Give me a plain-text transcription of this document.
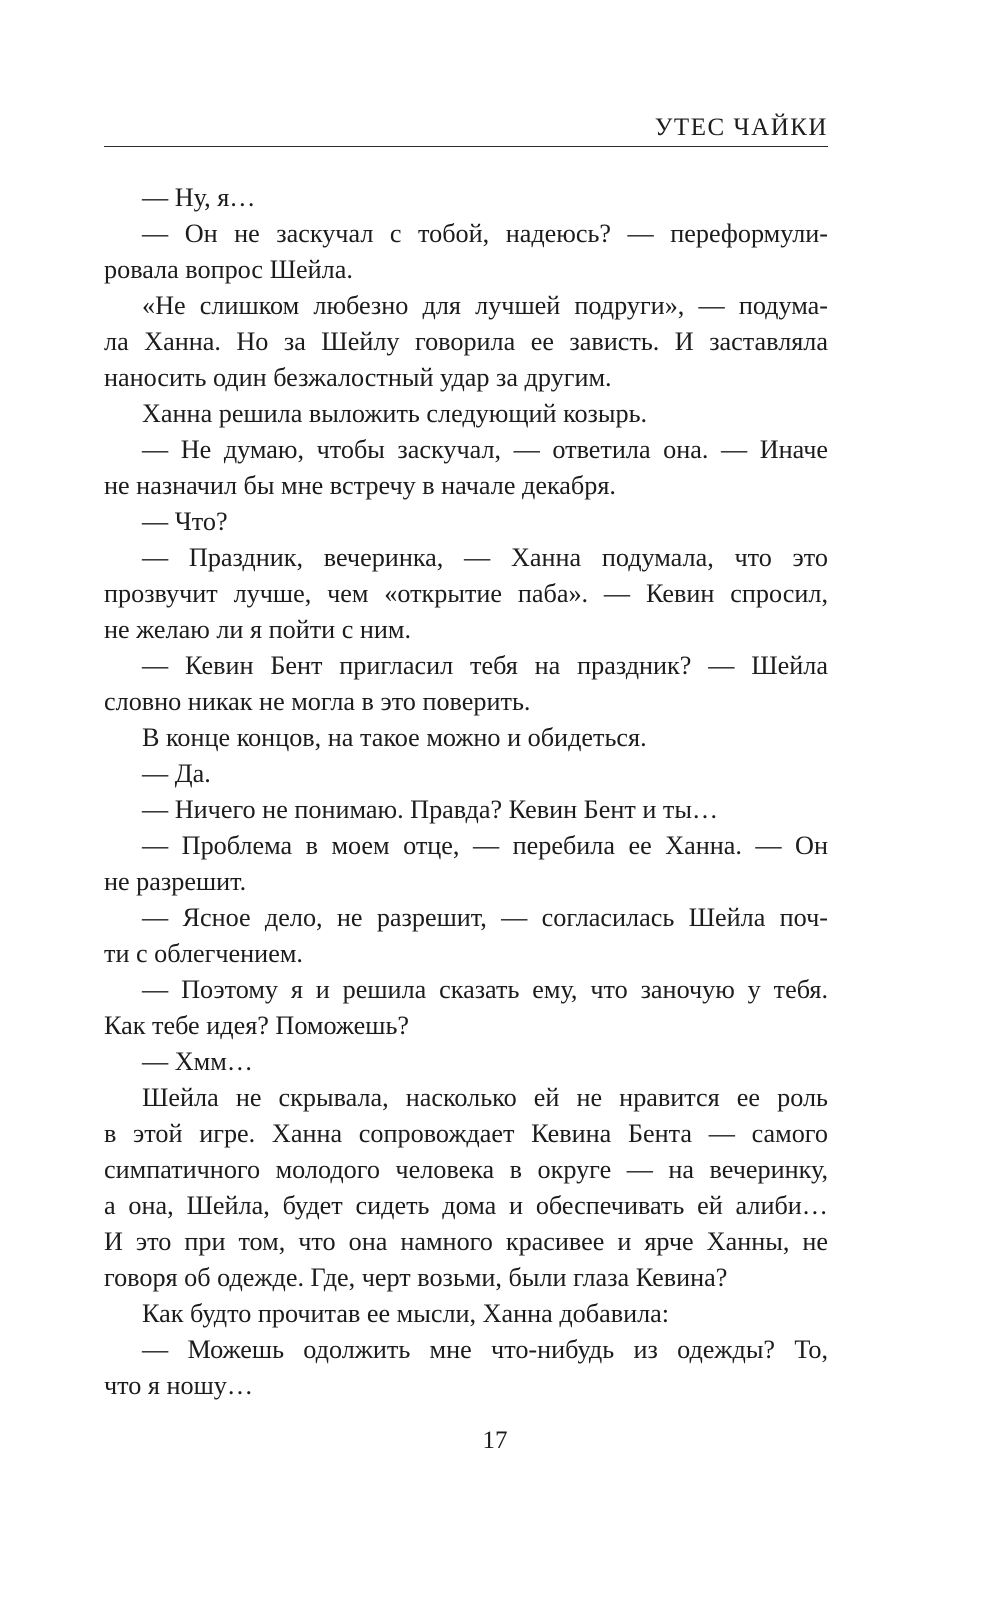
УТЕС ЧАЙКИ
— Ну, я…
— Он не заскучал с тобой, надеюсь? — переформули-
ровала вопрос Шейла.
«Не слишком любезно для лучшей подруги», — подума-
ла Ханна. Но за Шейлу говорила ее зависть. И заставляла
наносить один безжалостный удар за другим.
Ханна решила выложить следующий козырь.
— Не думаю, чтобы заскучал, — ответила она. — Иначе
не назначил бы мне встречу в начале декабря.
— Что?
— Праздник, вечеринка, — Ханна подумала, что это
прозвучит лучше, чем «открытие паба». — Кевин спросил,
не желаю ли я пойти с ним.
— Кевин Бент пригласил тебя на праздник? — Шейла
словно никак не могла в это поверить.
В конце концов, на такое можно и обидеться.
— Да.
— Ничего не понимаю. Правда? Кевин Бент и ты…
— Проблема в моем отце, — перебила ее Ханна. — Он
не разрешит.
— Ясное дело, не разрешит, — согласилась Шейла поч-
ти с облегчением.
— Поэтому я и решила сказать ему, что заночую у тебя.
Как тебе идея? Поможешь?
— Хмм…
Шейла не скрывала, насколько ей не нравится ее роль
в этой игре. Ханна сопровождает Кевина Бента — самого
симпатичного молодого человека в округе — на вечеринку,
а она, Шейла, будет сидеть дома и обеспечивать ей алиби…
И это при том, что она намного красивее и ярче Ханны, не
говоря об одежде. Где, черт возьми, были глаза Кевина?
Как будто прочитав ее мысли, Ханна добавила:
— Можешь одолжить мне что-нибудь из одежды? То,
что я ношу…
17
